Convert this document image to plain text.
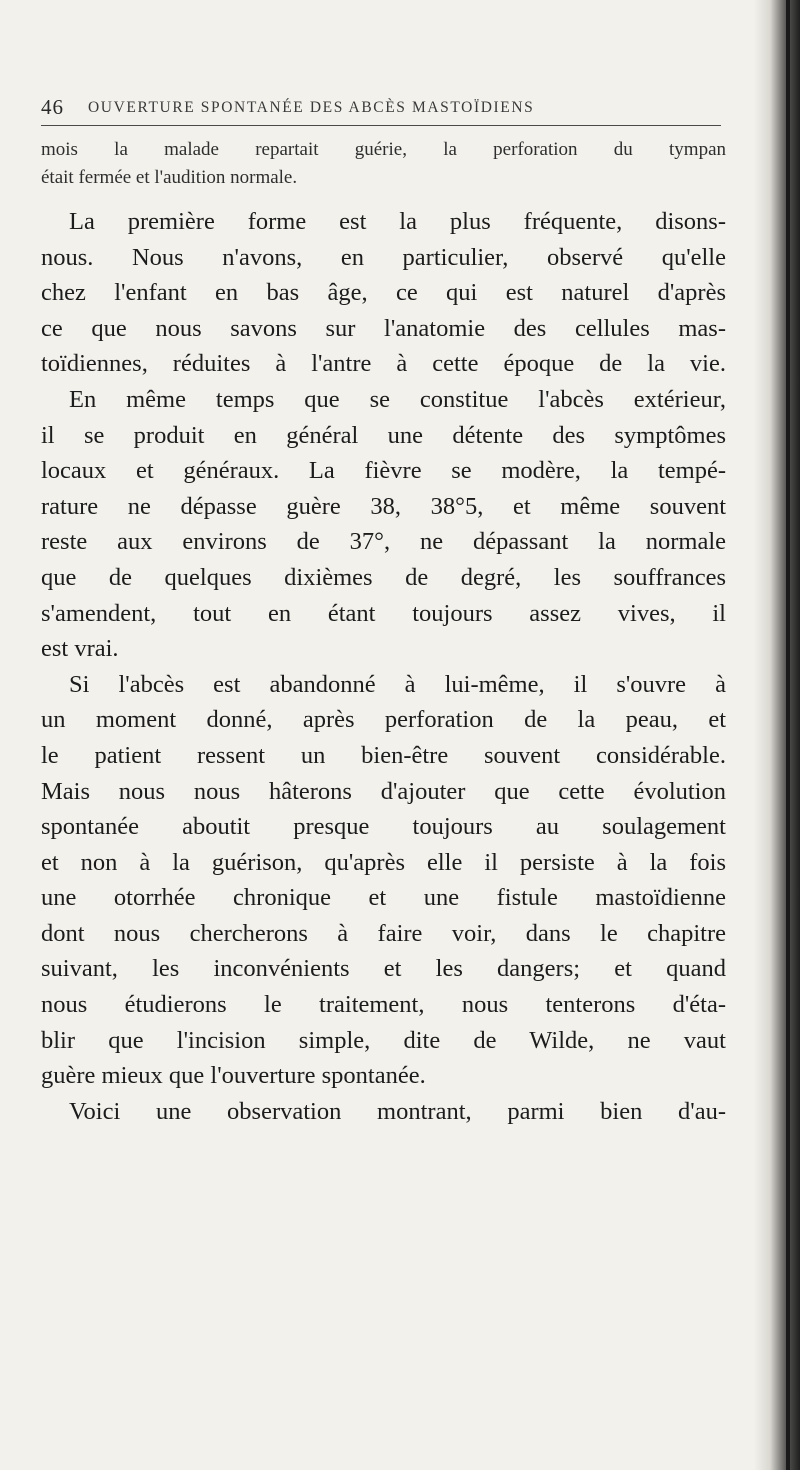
46 OUVERTURE SPONTANÉE DES ABCÈS MASTOÏDIENS
mois la malade repartait guérie, la perforation du tympan
était fermée et l'audition normale.
La première forme est la plus fréquente, disons-
nous. Nous n'avons, en particulier, observé qu'elle
chez l'enfant en bas âge, ce qui est naturel d'après
ce que nous savons sur l'anatomie des cellules mas-
toïdiennes, réduites à l'antre à cette époque de la vie.
En même temps que se constitue l'abcès extérieur,
il se produit en général une détente des symptômes
locaux et généraux. La fièvre se modère, la tempé-
rature ne dépasse guère 38, 38°5, et même souvent
reste aux environs de 37°, ne dépassant la normale
que de quelques dixièmes de degré, les souffrances
s'amendent, tout en étant toujours assez vives, il
est vrai.
Si l'abcès est abandonné à lui-même, il s'ouvre à
un moment donné, après perforation de la peau, et
le patient ressent un bien-être souvent considérable.
Mais nous nous hâterons d'ajouter que cette évolution
spontanée aboutit presque toujours au soulagement
et non à la guérison, qu'après elle il persiste à la fois
une otorrhée chronique et une fistule mastoïdienne
dont nous chercherons à faire voir, dans le chapitre
suivant, les inconvénients et les dangers; et quand
nous étudierons le traitement, nous tenterons d'éta-
blir que l'incision simple, dite de Wilde, ne vaut
guère mieux que l'ouverture spontanée.
Voici une observation montrant, parmi bien d'au-
